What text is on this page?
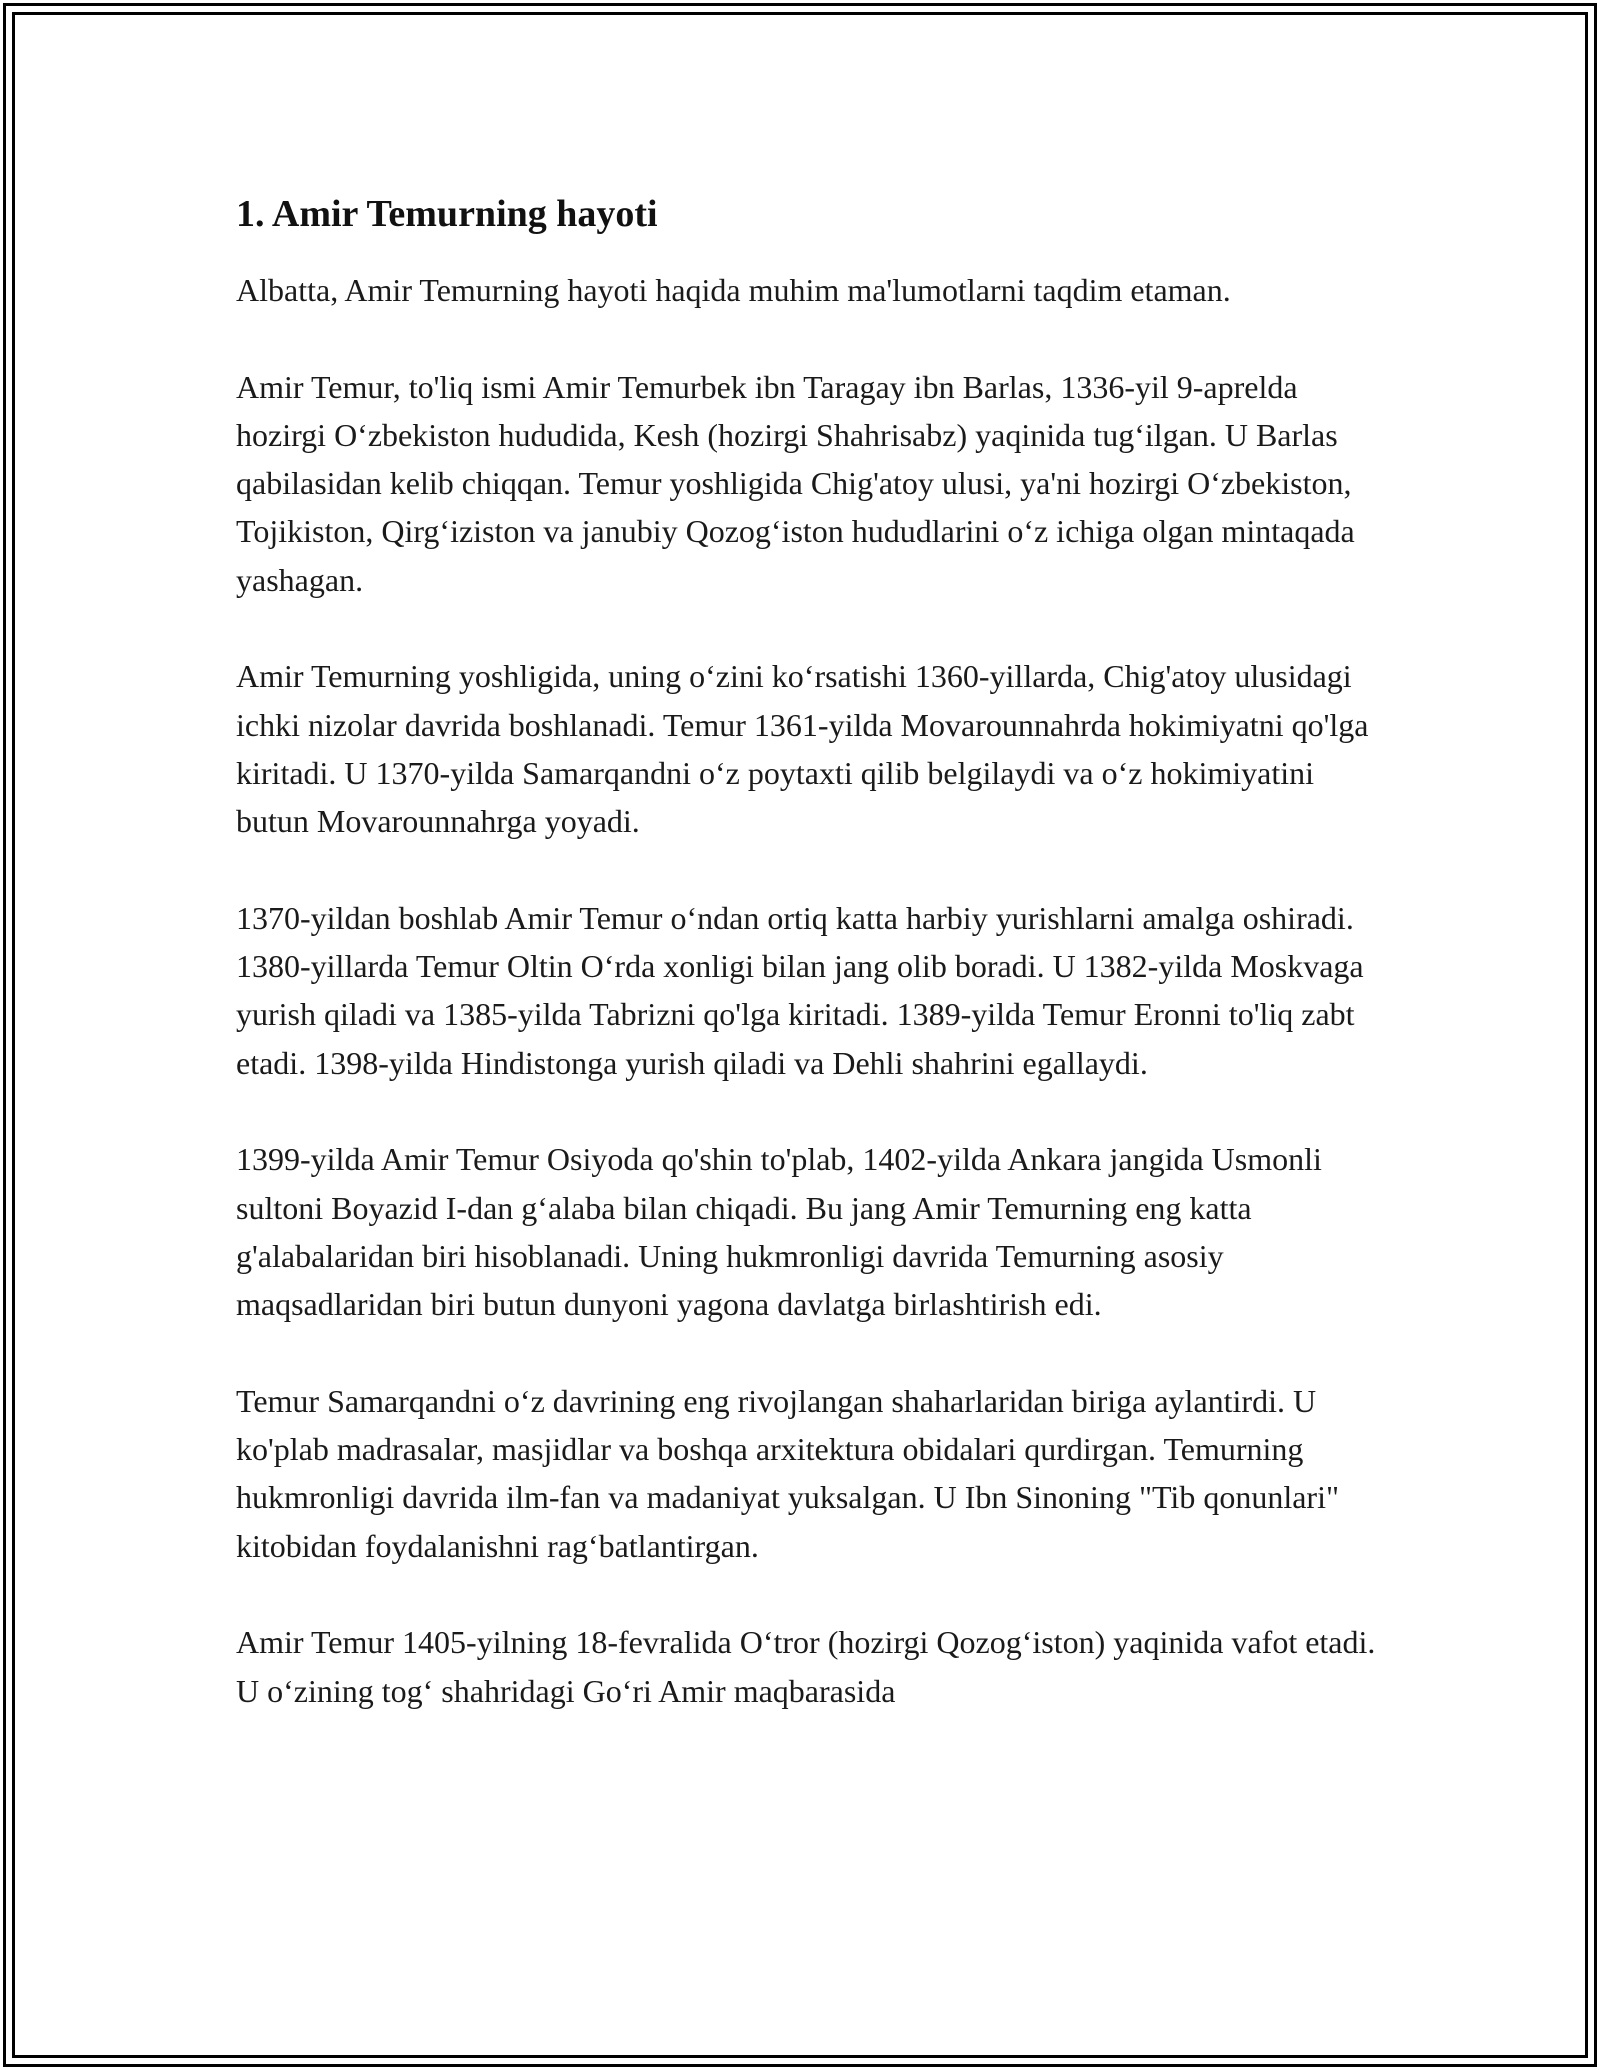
1. Amir Temurning hayoti

Albatta, Amir Temurning hayoti haqida muhim ma'lumotlarni taqdim etaman.

Amir Temur, to'liq ismi Amir Temurbek ibn Taragay ibn Barlas, 1336-yil 9-aprelda hozirgi O‘zbekiston hududida, Kesh (hozirgi Shahrisabz) yaqinida tug‘ilgan. U Barlas qabilasidan kelib chiqqan. Temur yoshligida Chig'atoy ulusi, ya'ni hozirgi O‘zbekiston, Tojikiston, Qirg‘iziston va janubiy Qozog‘iston hududlarini o‘z ichiga olgan mintaqada yashagan.

Amir Temurning yoshligida, uning o‘zini ko‘rsatishi 1360-yillarda, Chig'atoy ulusidagi ichki nizolar davrida boshlanadi. Temur 1361-yilda Movarounnahrda hokimiyatni qo'lga kiritadi. U 1370-yilda Samarqandni o‘z poytaxti qilib belgilaydi va o‘z hokimiyatini butun Movarounnahrga yoyadi.

1370-yildan boshlab Amir Temur o‘ndan ortiq katta harbiy yurishlarni amalga oshiradi. 1380-yillarda Temur Oltin O‘rda xonligi bilan jang olib boradi. U 1382-yilda Moskvaga yurish qiladi va 1385-yilda Tabrizni qo'lga kiritadi. 1389-yilda Temur Eronni to'liq zabt etadi. 1398-yilda Hindistonga yurish qiladi va Dehli shahrini egallaydi.

1399-yilda Amir Temur Osiyoda qo'shin to'plab, 1402-yilda Ankara jangida Usmonli sultoni Boyazid I-dan g‘alaba bilan chiqadi. Bu jang Amir Temurning eng katta g'alabalaridan biri hisoblanadi. Uning hukmronligi davrida Temurning asosiy maqsadlaridan biri butun dunyoni yagona davlatga birlashtirish edi.

Temur Samarqandni o‘z davrining eng rivojlangan shaharlaridan biriga aylantirdi. U ko'plab madrasalar, masjidlar va boshqa arxitektura obidalari qurdirgan. Temurning hukmronligi davrida ilm-fan va madaniyat yuksalgan. U Ibn Sinoning "Tib qonunlari" kitobidan foydalanishni rag‘batlantirgan.

Amir Temur 1405-yilning 18-fevralida O‘tror (hozirgi Qozog‘iston) yaqinida vafot etadi. U o‘zining tog‘ shahridagi Go‘ri Amir maqbarasida
